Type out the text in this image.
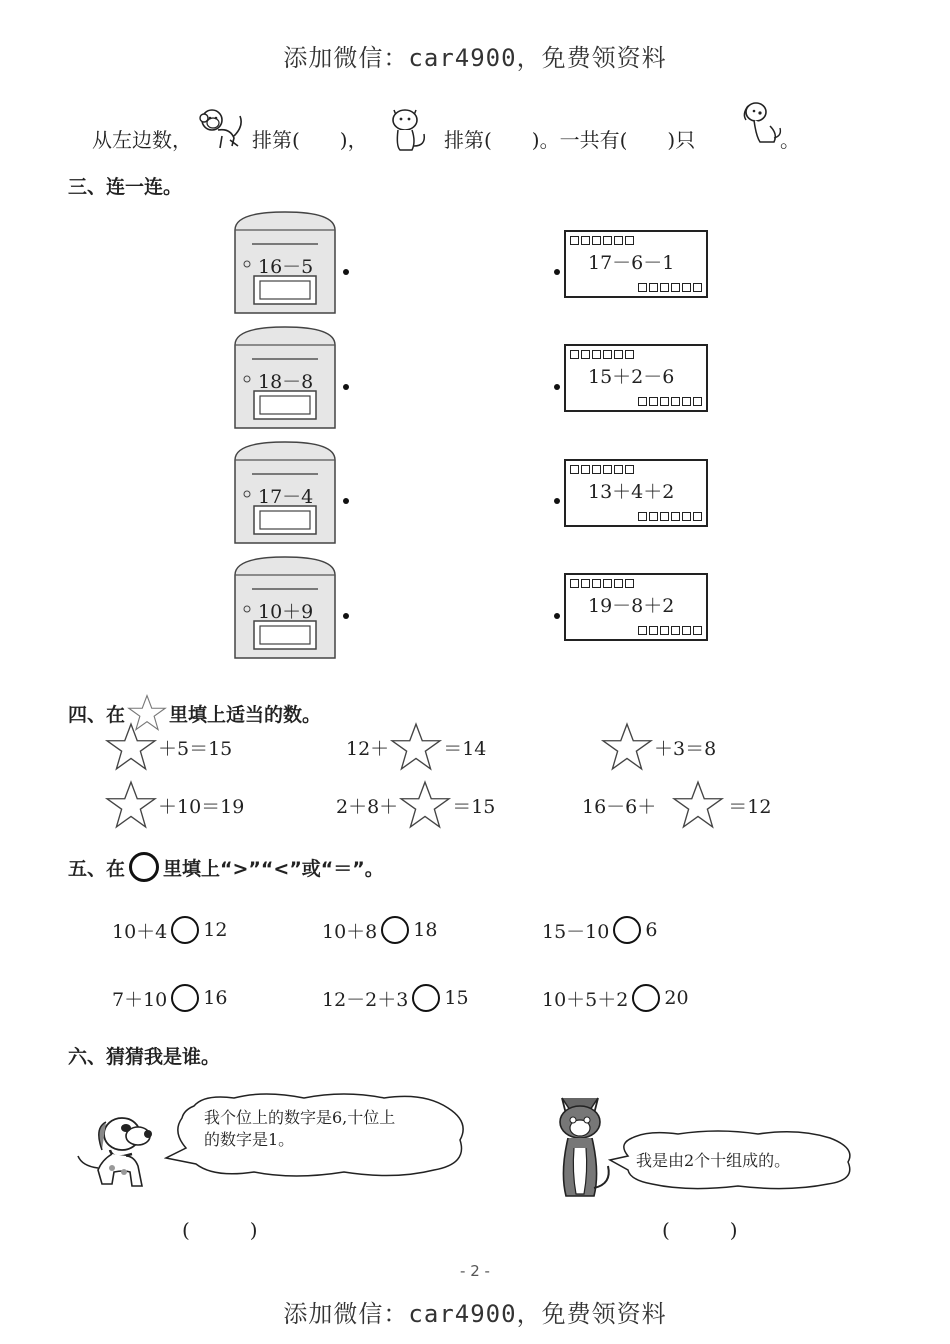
添加微信：car4900，免费领资料
添加微信：car4900，免费领资料
从左边数，	排第(　　)，	排第(　　)。一共有(　　)只	。
三、连一连。
16－5
18－8
17－4
10＋9
17－6－1
15＋2－6
13＋4＋2
19－8＋2
四、在 里填上适当的数。
＋5＝15	12＋	＝14	＋3＝8
＋10＝19	2＋8＋	＝15	16－6＋	＝12
五、在 里填上“>”“<”或“＝”。
10＋4 12	10＋8 18	15－10 6
7＋10 16	12－2＋3 15	10＋5＋2 20
六、猜猜我是谁。
我个位上的数字是6,十位上
的数字是1。
我是由2个十组成的。
(　　　)	(　　　)
- 2 -
